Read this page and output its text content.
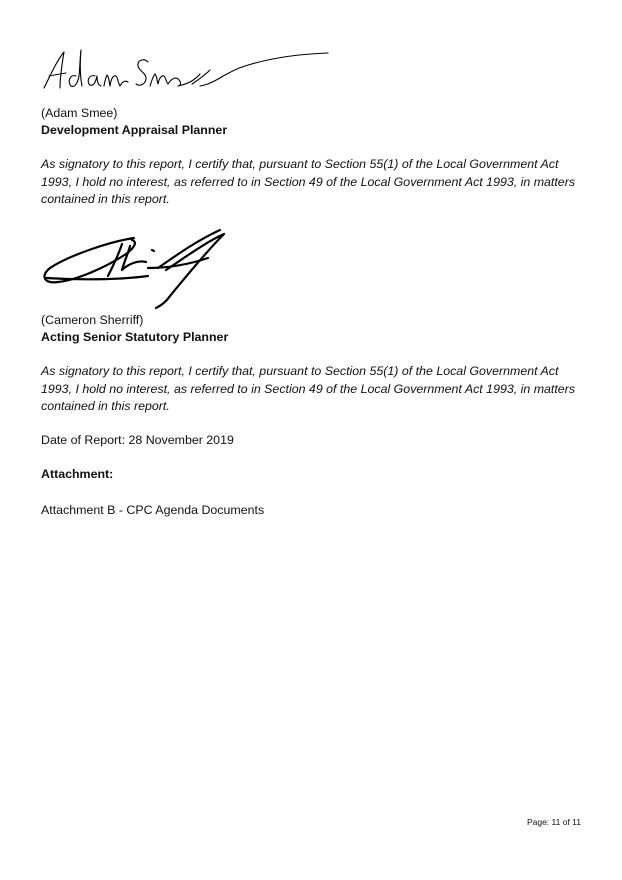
(Adam Smee)

Development Appraisal Planner

As signatory to this report, I certify that, pursuant to Section 55(1) of the Local Government Act
1993, I hold no interest, as referred to in Section 49 of the Local Government Act 1993, in matters
contained in this report.

(Cameron Sherriff)

Acting Senior Statutory Planner

As signatory to this report, I certify that, pursuant to Section 55(1) of the Local Government Act
1993, I hold no interest, as referred to in Section 49 of the Local Government Act 1993, in matters
contained in this report.

Date of Report: 28 November 2019

Attachment:

Attachment B - CPC Agenda Documents

Page: 11 of 11
